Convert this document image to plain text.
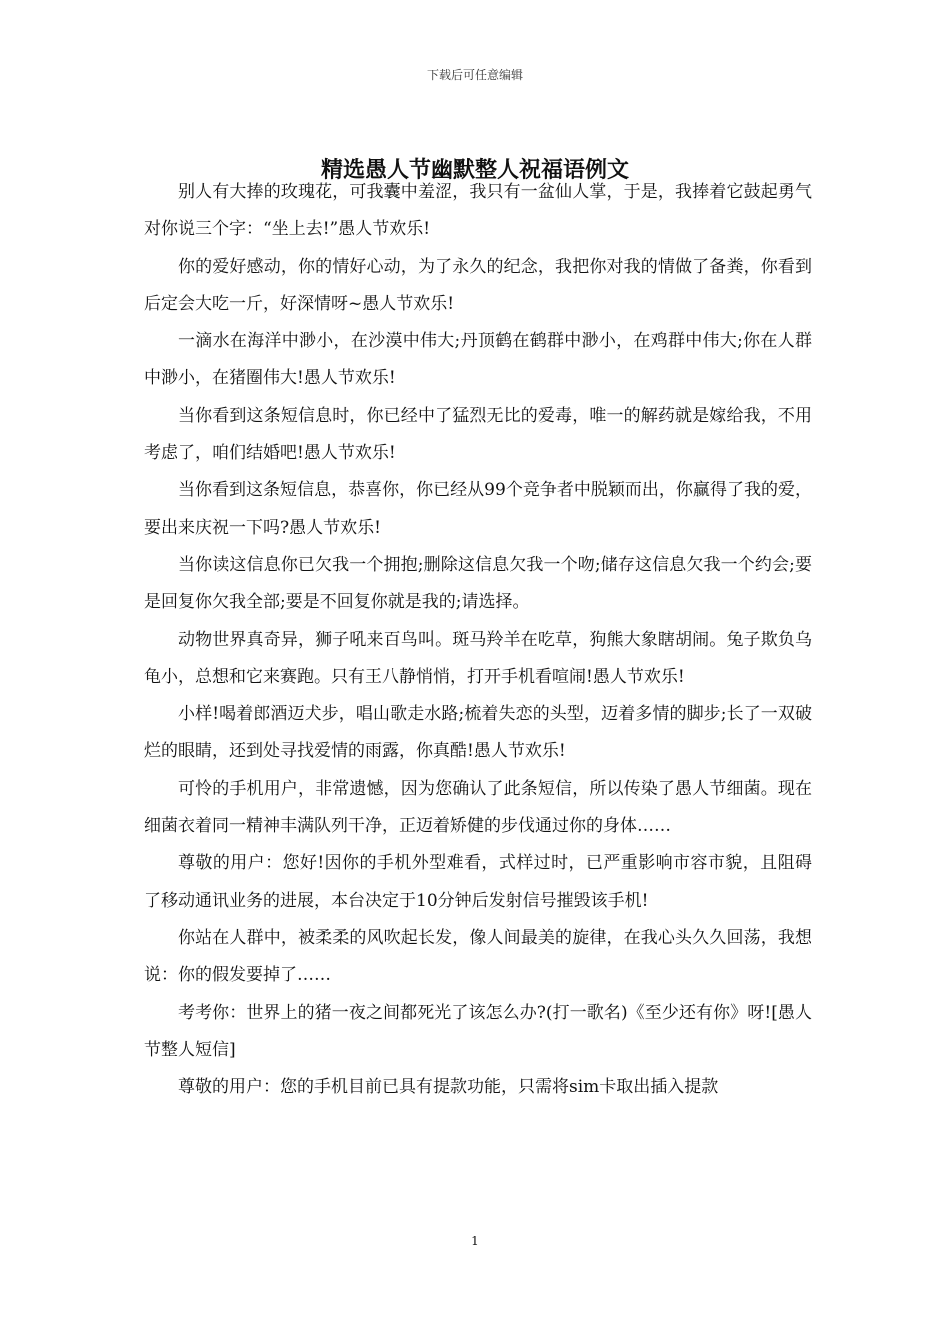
下载后可任意编辑
精选愚人节幽默整人祝福语例文

别人有大捧的玫瑰花，可我囊中羞涩，我只有一盆仙人掌，于是，我捧着它鼓起勇气对你说三个字：“坐上去!”愚人节欢乐!

你的爱好感动，你的情好心动，为了永久的纪念，我把你对我的情做了备粪，你看到后定会大吃一斤，好深情呀~愚人节欢乐!

一滴水在海洋中渺小，在沙漠中伟大;丹顶鹤在鹤群中渺小，在鸡群中伟大;你在人群中渺小，在猪圈伟大!愚人节欢乐!

当你看到这条短信息时，你已经中了猛烈无比的爱毒，唯一的解药就是嫁给我，不用考虑了，咱们结婚吧!愚人节欢乐!

当你看到这条短信息，恭喜你，你已经从99个竞争者中脱颖而出，你赢得了我的爱，要出来庆祝一下吗?愚人节欢乐!

当你读这信息你已欠我一个拥抱;删除这信息欠我一个吻;储存这信息欠我一个约会;要是回复你欠我全部;要是不回复你就是我的;请选择。

动物世界真奇异，狮子吼来百鸟叫。斑马羚羊在吃草，狗熊大象瞎胡闹。兔子欺负乌龟小，总想和它来赛跑。只有王八静悄悄，打开手机看喧闹!愚人节欢乐!

小样!喝着郎酒迈犬步，唱山歌走水路;梳着失恋的头型，迈着多情的脚步;长了一双破烂的眼睛，还到处寻找爱情的雨露，你真酷!愚人节欢乐!

可怜的手机用户，非常遗憾，因为您确认了此条短信，所以传染了愚人节细菌。现在细菌衣着同一精神丰满队列干净，正迈着矫健的步伐通过你的身体……

尊敬的用户：您好!因你的手机外型难看，式样过时，已严重影响市容市貌，且阻碍了移动通讯业务的进展，本台决定于10分钟后发射信号摧毁该手机!

你站在人群中，被柔柔的风吹起长发，像人间最美的旋律，在我心头久久回荡，我想说：你的假发要掉了……

考考你：世界上的猪一夜之间都死光了该怎么办?(打一歌名)《至少还有你》呀![愚人节整人短信]

尊敬的用户：您的手机目前已具有提款功能，只需将sim卡取出插入提款

1
